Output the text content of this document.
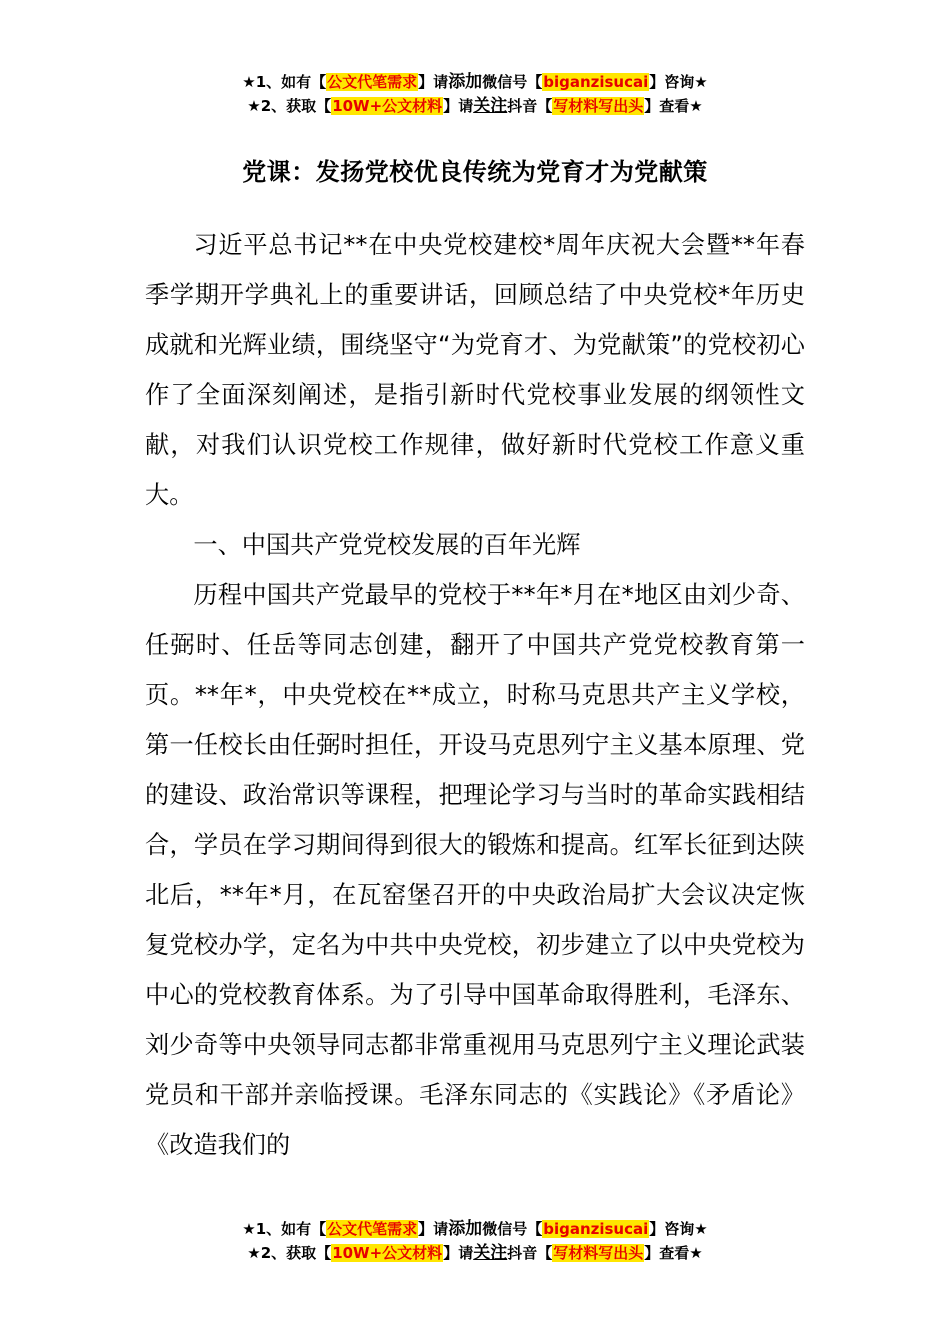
★1、如有【公文代笔需求】请添加微信号【biganzisucai】咨询★
★2、获取【10W+公文材料】请关注抖音【写材料写出头】查看★
党课：发扬党校优良传统为党育才为党献策

习近平总书记**在中央党校建校*周年庆祝大会暨**年春季学期开学典礼上的重要讲话，回顾总结了中央党校*年历史成就和光辉业绩，围绕坚守“为党育才、为党献策”的党校初心作了全面深刻阐述，是指引新时代党校事业发展的纲领性文献，对我们认识党校工作规律，做好新时代党校工作意义重大。

一、中国共产党党校发展的百年光辉

历程中国共产党最早的党校于**年*月在*地区由刘少奇、任弼时、任岳等同志创建，翻开了中国共产党党校教育第一页。**年*，中央党校在**成立，时称马克思共产主义学校，第一任校长由任弼时担任，开设马克思列宁主义基本原理、党的建设、政治常识等课程，把理论学习与当时的革命实践相结合，学员在学习期间得到很大的锻炼和提高。红军长征到达陕北后，**年*月，在瓦窑堡召开的中央政治局扩大会议决定恢复党校办学，定名为中共中央党校，初步建立了以中央党校为中心的党校教育体系。为了引导中国革命取得胜利，毛泽东、刘少奇等中央领导同志都非常重视用马克思列宁主义理论武装党员和干部并亲临授课。毛泽东同志的《实践论》《矛盾论》《改造我们的

★1、如有【公文代笔需求】请添加微信号【biganzisucai】咨询★
★2、获取【10W+公文材料】请关注抖音【写材料写出头】查看★
